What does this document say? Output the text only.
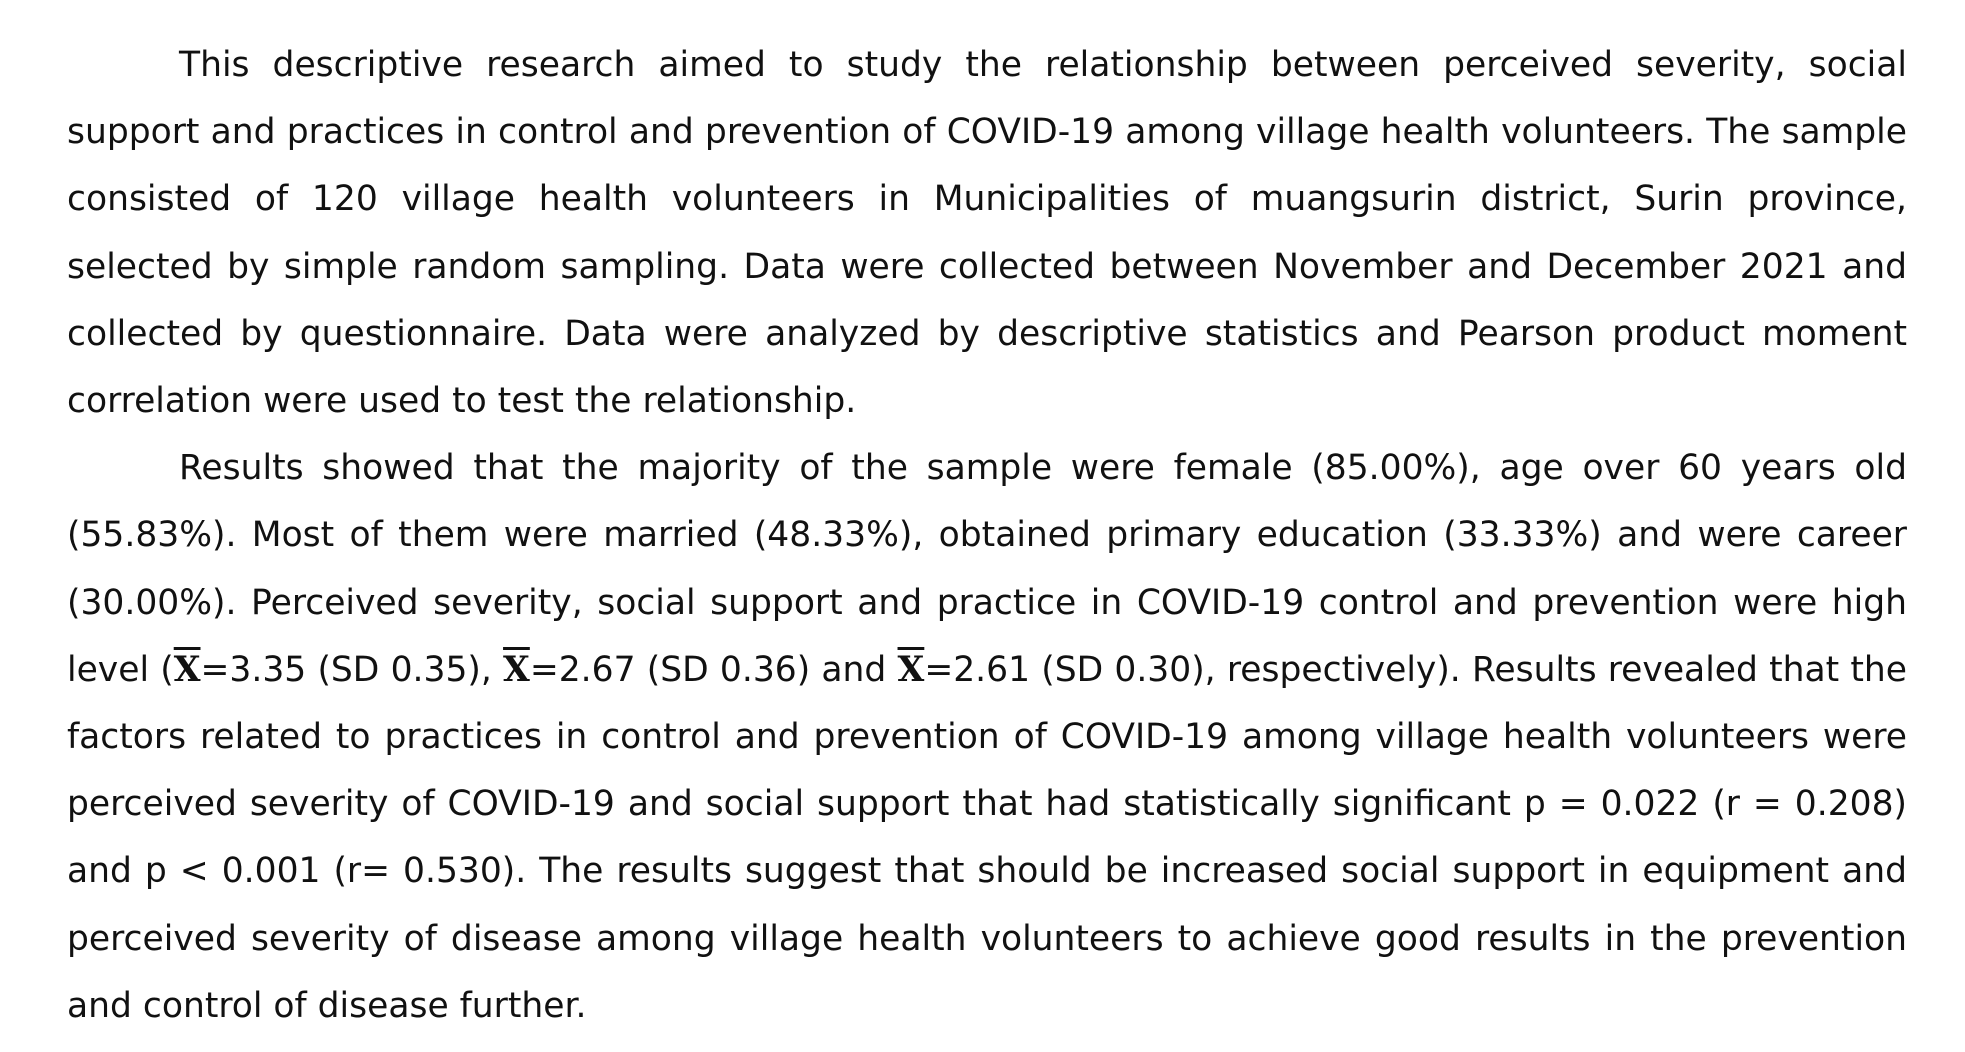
This descriptive research aimed to study the relationship between perceived severity, social support and practices in control and prevention of COVID-19 among village health volunteers. The sample consisted of 120 village health volunteers in Municipalities of muangsurin district, Surin province, selected by simple random sampling. Data were collected between November and December 2021 and collected by questionnaire. Data were analyzed by descriptive statistics and Pearson product moment correlation were used to test the relationship.

Results showed that the majority of the sample were female (85.00%), age over 60 years old (55.83%). Most of them were married (48.33%), obtained primary education (33.33%) and were career (30.00%). Perceived severity, social support and practice in COVID-19 control and prevention were high level ($\overline{X}=3.35$ (SD 0.35), $\overline{X}=2.67$ (SD 0.36) and $\overline{X}=2.61$ (SD 0.30), respectively). Results revealed that the factors related to practices in control and prevention of COVID-19 among village health volunteers were perceived severity of COVID-19 and social support that had statistically significant p = 0.022 (r = 0.208) and p < 0.001 (r= 0.530). The results suggest that should be increased social support in equipment and perceived severity of disease among village health volunteers to achieve good results in the prevention and control of disease further.
